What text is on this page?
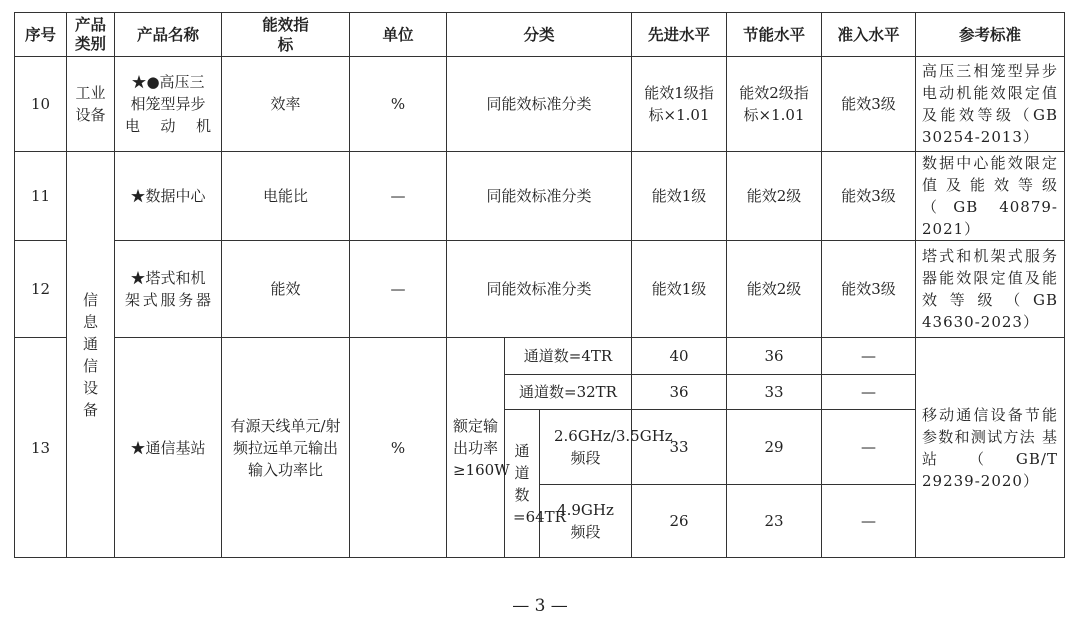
序号	产品类别	产品名称	能效指标	单位	分类			先进水平	节能水平	准入水平	参考标准
10	工业设备	★●高压三相笼型异步电动机	效率	%	同能效标准分类			能效1级指标×1.01	能效2级指标×1.01	能效3级	高压三相笼型异步电动机能效限定值及能效等级（GB 30254-2013）
11	信息通信设备	★数据中心	电能比	—	同能效标准分类			能效1级	能效2级	能效3级	数据中心能效限定值及能效等级（GB 40879-2021）
12		★塔式和机架式服务器	能效	—	同能效标准分类			能效1级	能效2级	能效3级	塔式和机架式服务器能效限定值及能效等级（GB 43630-2023）
13		★通信基站	有源天线单元/射频拉远单元输出输入功率比	%	额定输出功率≥160W	通道数=4TR		40	36	—	移动通信设备节能参数和测试方法 基站（GB/T 29239-2020）
						通道数=32TR		36	33	—	
						通道数=64TR	2.6GHz/3.5GHz频段	33	29	—	
							4.9GHz频段	26	23	—	
— 3 —
